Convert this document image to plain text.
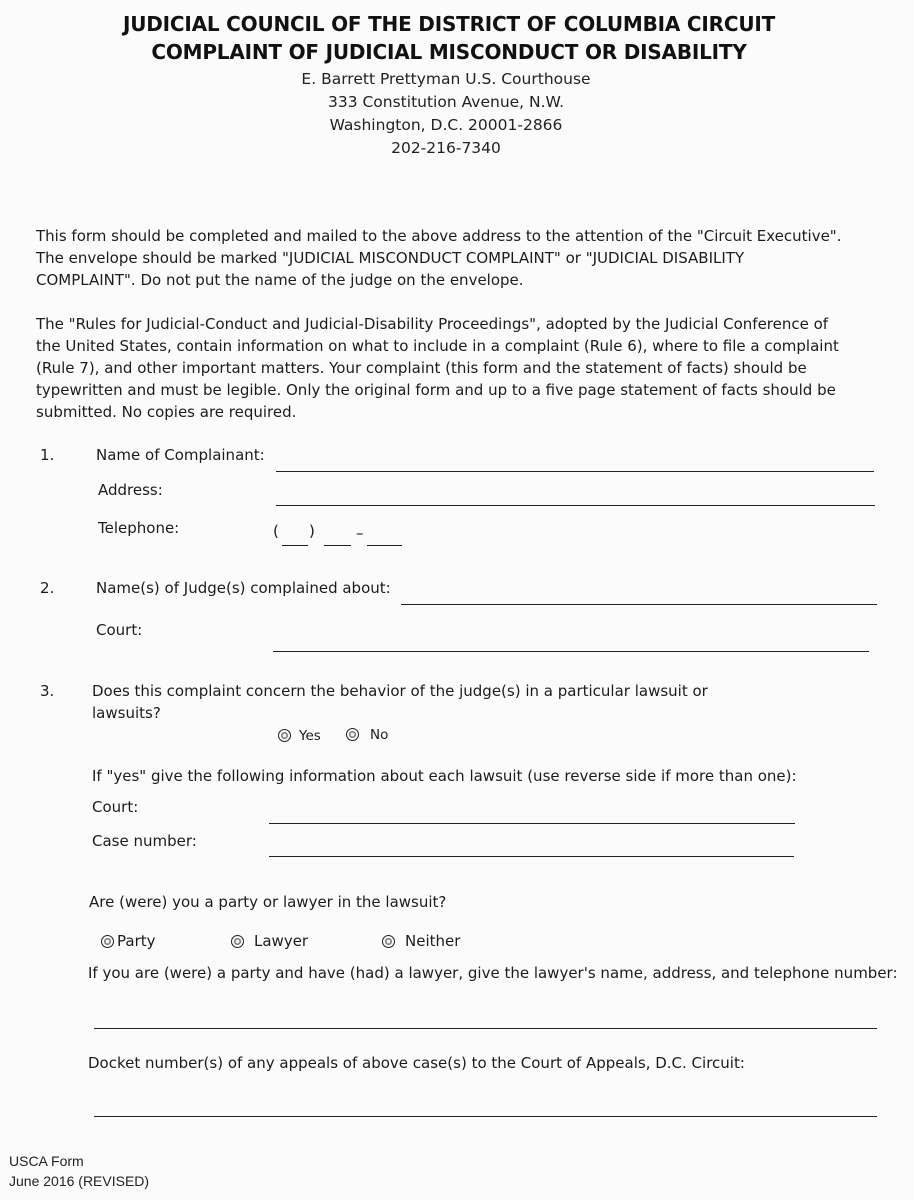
JUDICIAL COUNCIL OF THE DISTRICT OF COLUMBIA CIRCUIT
COMPLAINT OF JUDICIAL MISCONDUCT OR DISABILITY
E. Barrett Prettyman U.S. Courthouse
333 Constitution Avenue, N.W.
Washington, D.C. 20001-2866
202-216-7340
This form should be completed and mailed to the above address to the attention of the "Circuit Executive".
The envelope should be marked "JUDICIAL MISCONDUCT COMPLAINT" or "JUDICIAL DISABILITY
COMPLAINT". Do not put the name of the judge on the envelope.
The "Rules for Judicial-Conduct and Judicial-Disability Proceedings", adopted by the Judicial Conference of
the United States, contain information on what to include in a complaint (Rule 6), where to file a complaint
(Rule 7), and other important matters. Your complaint (this form and the statement of facts) should be
typewritten and must be legible. Only the original form and up to a five page statement of facts should be
submitted. No copies are required.
1.	Name of Complainant:
Address:
Telephone:	( )	–
2.	Name(s) of Judge(s) complained about:
Court:
3.	Does this complaint concern the behavior of the judge(s) in a particular lawsuit or
lawsuits?
Yes	No
If "yes" give the following information about each lawsuit (use reverse side if more than one):
Court:
Case number:
Are (were) you a party or lawyer in the lawsuit?
Party	Lawyer	Neither
If you are (were) a party and have (had) a lawyer, give the lawyer's name, address, and telephone number:
Docket number(s) of any appeals of above case(s) to the Court of Appeals, D.C. Circuit:
USCA Form
June 2016 (REVISED)
